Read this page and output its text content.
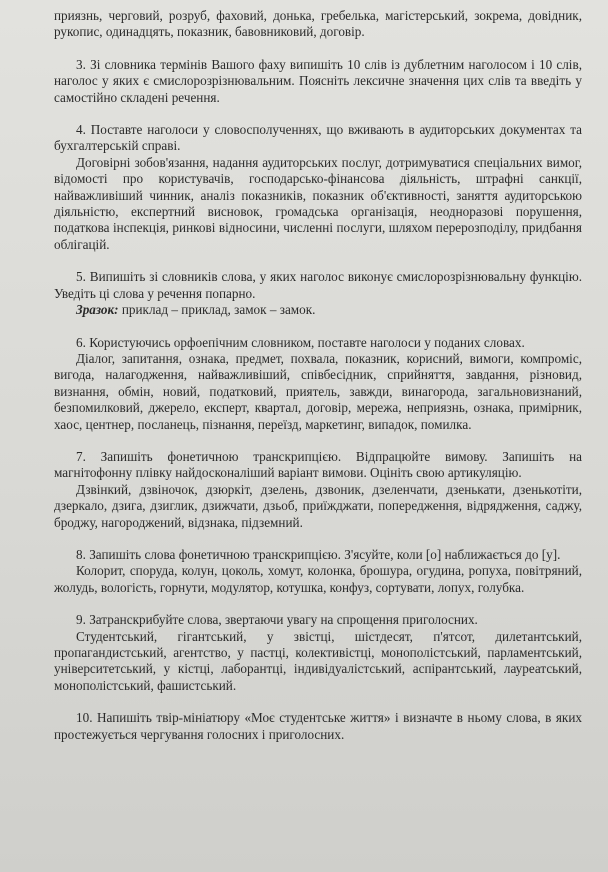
приязнь, черговий, розруб, фаховий, донька, гребелька, магістерський, зокрема, довідник, рукопис, одинадцять, показник, бавовниковий, договір.

3. Зі словника термінів Вашого фаху випишіть 10 слів із дублетним наголосом і 10 слів, наголос у яких є смислорозрізнювальним. Поясніть лексичне значення цих слів та введіть у самостійно складені речення.

4. Поставте наголоси у словосполученнях, що вживають в аудиторських документах та бухгалтерській справі.

Договірні зобов'язання, надання аудиторських послуг, дотримуватися спеціальних вимог, відомості про користувачів, господарсько-фінансова діяльність, штрафні санкції, найважливіший чинник, аналіз показників, показник об'єктивності, заняття аудиторською діяльністю, експертний висновок, громадська організація, неодноразові порушення, податкова інспекція, ринкові відносини, численні послуги, шляхом перерозподілу, придбання облігацій.

5. Випишіть зі словників слова, у яких наголос виконує смислорозрізнювальну функцію. Уведіть ці слова у речення попарно.

Зразок: приклад – приклад, замок – замок.

6. Користуючись орфоепічним словником, поставте наголоси у поданих словах.

Діалог, запитання, ознака, предмет, похвала, показник, корисний, вимоги, компроміс, вигода, налагодження, найважливіший, співбесідник, сприйняття, завдання, різновид, визнання, обмін, новий, податковий, приятель, завжди, винагорода, загальновизнаний, безпомилковий, джерело, експерт, квартал, договір, мережа, неприязнь, ознака, примірник, хаос, центнер, посланець, пізнання, переїзд, маркетинг, випадок, помилка.

7. Запишіть фонетичною транскрипцією. Відпрацюйте вимову. Запишіть на магнітофонну плівку найдосконаліший варіант вимови. Оцініть свою артикуляцію.

Дзвінкий, дзвіночок, дзюркіт, дзелень, дзвоник, дзеленчати, дзенькати, дзенькотіти, дзеркало, дзига, дзиглик, дзижчати, дзьоб, приїжджати, попередження, відрядження, саджу, броджу, нагороджений, відзнака, підземний.

8. Запишіть слова фонетичною транскрипцією. З'ясуйте, коли [о] наближається до [у].

Колорит, споруда, колун, цоколь, хомут, колонка, брошура, огудина, ропуха, повітряний, жолудь, вологість, горнути, модулятор, котушка, конфуз, сортувати, лопух, голубка.

9. Затранскрибуйте слова, звертаючи увагу на спрощення приголосних.

Студентський, гігантський, у звістці, шістдесят, п'ятсот, дилетантський, пропагандистський, агентство, у пастці, колективістці, монополістський, парламентський, університетський, у кістці, лаборантці, індивідуалістський, аспірантський, лауреатський, монополістський, фашистський.

10. Напишіть твір-мініатюру «Моє студентське життя» і визначте в ньому слова, в яких простежується чергування голосних і приголосних.
